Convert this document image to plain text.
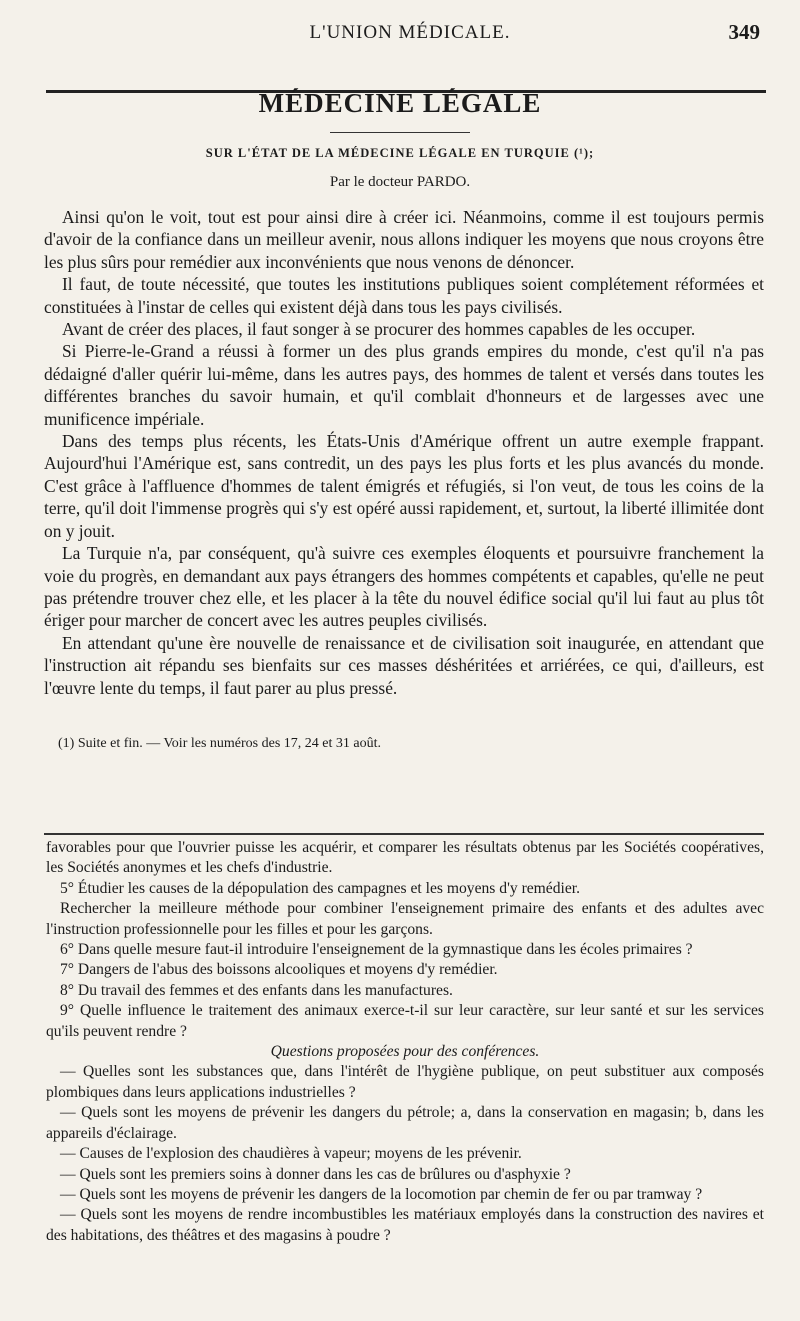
L'UNION MÉDICALE.	349
MÉDECINE LÉGALE
SUR L'ÉTAT DE LA MÉDECINE LÉGALE EN TURQUIE (¹);
Par le docteur PARDO.

Ainsi qu'on le voit, tout est pour ainsi dire à créer ici. Néanmoins, comme il est toujours permis d'avoir de la confiance dans un meilleur avenir, nous allons indiquer les moyens que nous croyons être les plus sûrs pour remédier aux inconvénients que nous venons de dénoncer.

Il faut, de toute nécessité, que toutes les institutions publiques soient complétement réformées et constituées à l'instar de celles qui existent déjà dans tous les pays civilisés.

Avant de créer des places, il faut songer à se procurer des hommes capables de les occuper.

Si Pierre-le-Grand a réussi à former un des plus grands empires du monde, c'est qu'il n'a pas dédaigné d'aller quérir lui-même, dans les autres pays, des hommes de talent et versés dans toutes les différentes branches du savoir humain, et qu'il comblait d'honneurs et de largesses avec une munificence impériale.

Dans des temps plus récents, les États-Unis d'Amérique offrent un autre exemple frappant. Aujourd'hui l'Amérique est, sans contredit, un des pays les plus forts et les plus avancés du monde. C'est grâce à l'affluence d'hommes de talent émigrés et réfugiés, si l'on veut, de tous les coins de la terre, qu'il doit l'immense progrès qui s'y est opéré aussi rapidement, et, surtout, la liberté illimitée dont on y jouit.

La Turquie n'a, par conséquent, qu'à suivre ces exemples éloquents et poursuivre franchement la voie du progrès, en demandant aux pays étrangers des hommes compétents et capables, qu'elle ne peut pas prétendre trouver chez elle, et les placer à la tête du nouvel édifice social qu'il lui faut au plus tôt ériger pour marcher de concert avec les autres peuples civilisés.

En attendant qu'une ère nouvelle de renaissance et de civilisation soit inaugurée, en attendant que l'instruction ait répandu ses bienfaits sur ces masses déshéritées et arriérées, ce qui, d'ailleurs, est l'œuvre lente du temps, il faut parer au plus pressé.

(1) Suite et fin. — Voir les numéros des 17, 24 et 31 août.

favorables pour que l'ouvrier puisse les acquérir, et comparer les résultats obtenus par les Sociétés coopératives, les Sociétés anonymes et les chefs d'industrie.

5° Étudier les causes de la dépopulation des campagnes et les moyens d'y remédier.

Rechercher la meilleure méthode pour combiner l'enseignement primaire des enfants et des adultes avec l'instruction professionnelle pour les filles et pour les garçons.

6° Dans quelle mesure faut-il introduire l'enseignement de la gymnastique dans les écoles primaires ?

7° Dangers de l'abus des boissons alcooliques et moyens d'y remédier.

8° Du travail des femmes et des enfants dans les manufactures.

9° Quelle influence le traitement des animaux exerce-t-il sur leur caractère, sur leur santé et sur les services qu'ils peuvent rendre ?

Questions proposées pour des conférences.

— Quelles sont les substances que, dans l'intérêt de l'hygiène publique, on peut substituer aux composés plombiques dans leurs applications industrielles ?

— Quels sont les moyens de prévenir les dangers du pétrole; a, dans la conservation en magasin; b, dans les appareils d'éclairage.

— Causes de l'explosion des chaudières à vapeur; moyens de les prévenir.

— Quels sont les premiers soins à donner dans les cas de brûlures ou d'asphyxie ?

— Quels sont les moyens de prévenir les dangers de la locomotion par chemin de fer ou par tramway ?

— Quels sont les moyens de rendre incombustibles les matériaux employés dans la construction des navires et des habitations, des théâtres et des magasins à poudre ?
